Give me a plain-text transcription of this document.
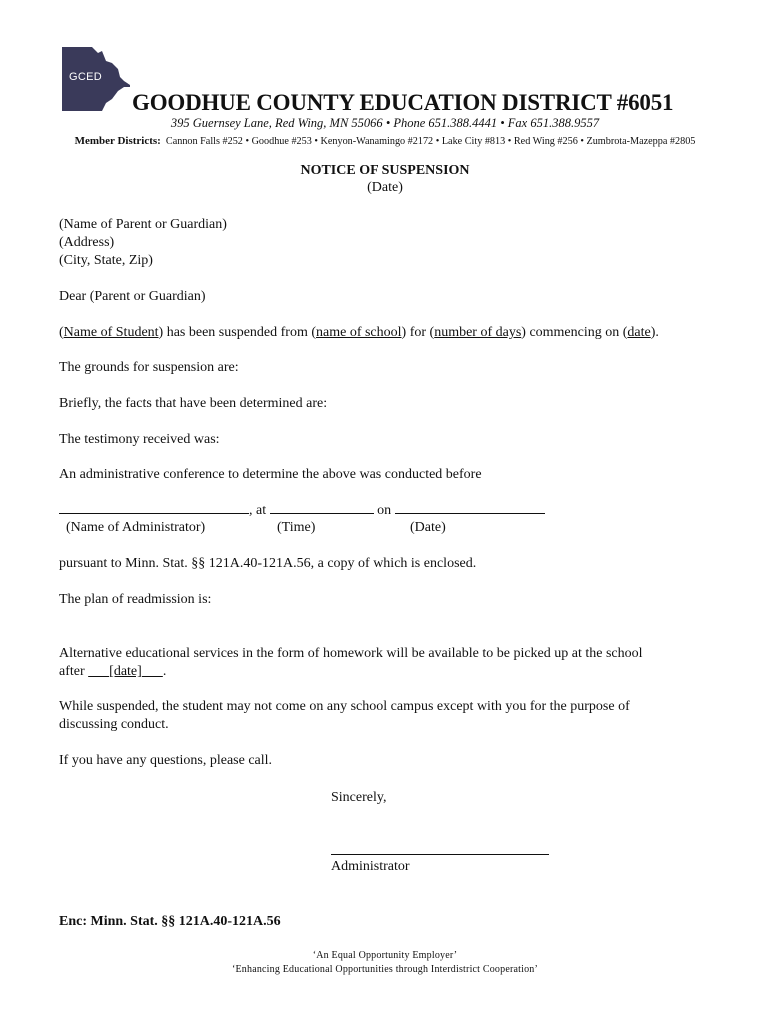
GCED
GOODHUE COUNTY EDUCATION DISTRICT #6051
395 Guernsey Lane, Red Wing, MN 55066 • Phone 651.388.4441 • Fax 651.388.9557
Member Districts: Cannon Falls #252 • Goodhue #253 • Kenyon-Wanamingo #2172 • Lake City #813 • Red Wing #256 • Zumbrota-Mazeppa #2805
NOTICE OF SUSPENSION
(Date)
(Name of Parent or Guardian)
(Address)
(City, State, Zip)
Dear (Parent or Guardian)
(Name of Student) has been suspended from (name of school) for (number of days) commencing on (date).
The grounds for suspension are:
Briefly, the facts that have been determined are:
The testimony received was:
An administrative conference to determine the above was conducted before
, at	on
(Name of Administrator)	(Time)	(Date)
pursuant to Minn. Stat. §§ 121A.40-121A.56, a copy of which is enclosed.
The plan of readmission is:
Alternative educational services in the form of homework will be available to be picked up at the school
after [date] .
While suspended, the student may not come on any school campus except with you for the purpose of
discussing conduct.
If you have any questions, please call.
Sincerely,
Administrator
Enc: Minn. Stat. §§ 121A.40-121A.56
‘An Equal Opportunity Employer’
‘Enhancing Educational Opportunities through Interdistrict Cooperation’
